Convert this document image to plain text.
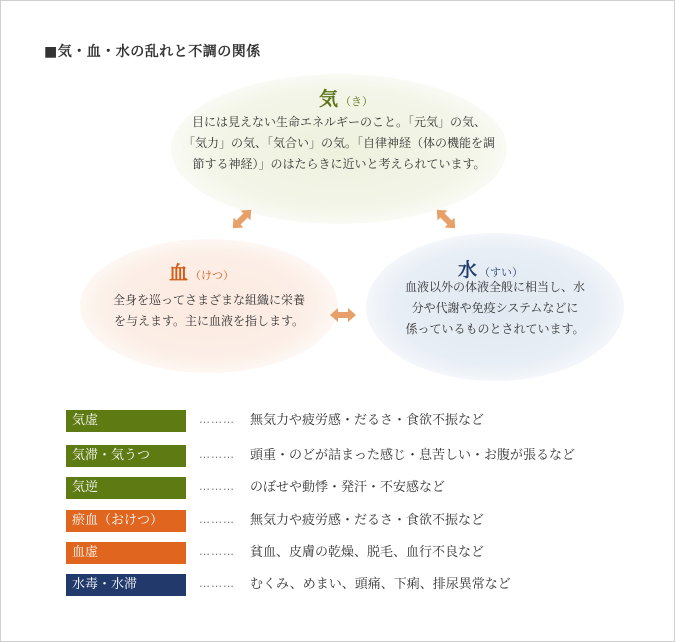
■気・血・水の乱れと不調の関係
気 （き）
目には見えない生命エネルギーのこと。「元気」の気、
「気力」の気、「気合い」の気。「自律神経（体の機能を調
節する神経）」のはたらきに近いと考えられています。
血 （けつ）
全身を巡ってさまざまな組織に栄養
を与えます。主に血液を指します。
水 （すい）
血液以外の体液全般に相当し、水
分や代謝や免疫システムなどに
係っているものとされています。
気虚	……… 無気力や疲労感・だるさ・食欲不振など
気滞・気うつ	……… 頭重・のどが詰まった感じ・息苦しい・お腹が張るなど
気逆	……… のぼせや動悸・発汗・不安感など
瘀血（おけつ）	……… 無気力や疲労感・だるさ・食欲不振など
血虚	……… 貧血、皮膚の乾燥、脱毛、血行不良など
水毒・水滞	……… むくみ、めまい、頭痛、下痢、排尿異常など
